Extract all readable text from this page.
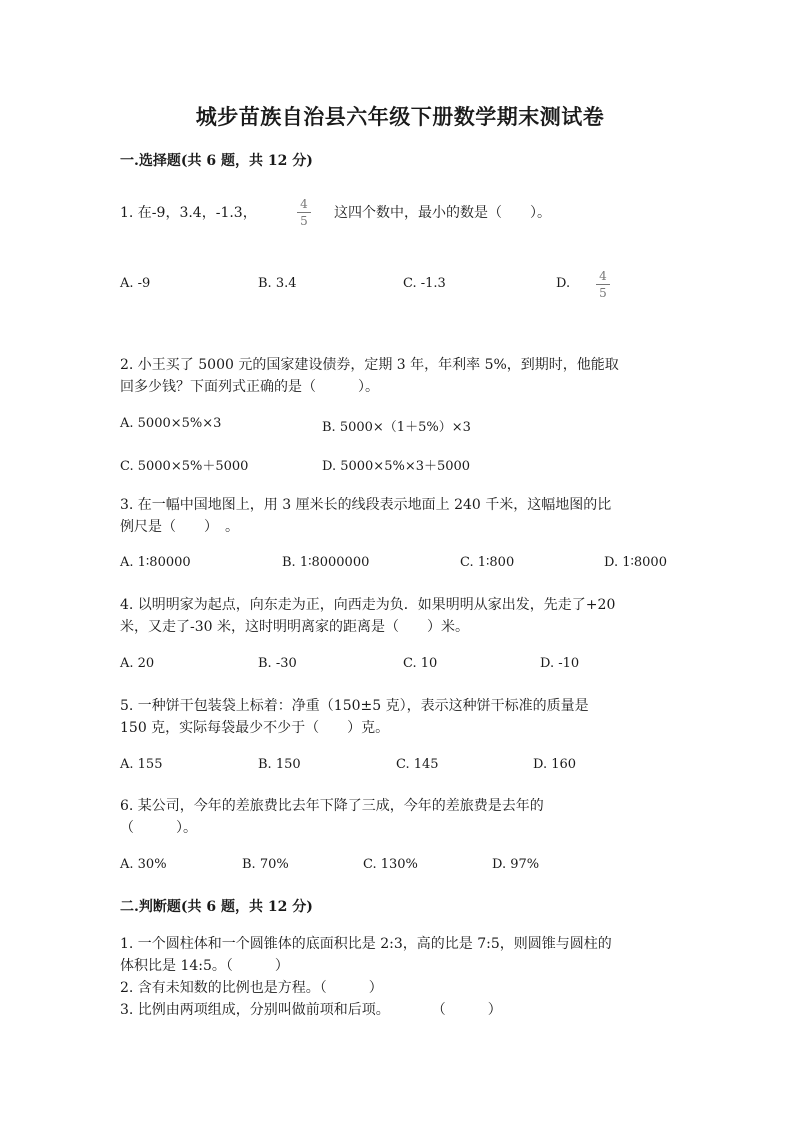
城步苗族自治县六年级下册数学期末测试卷
一.选择题(共 6 题，共 12 分)
1. 在-9，3.4，-1.3，
4
5 这四个数中，最小的数是（　　）。
A. -9	B. 3.4	C. -1.3	D.	4
5
2. 小王买了 5000 元的国家建设债券，定期 3 年，年利率 5%，到期时，他能取
回多少钱？下面列式正确的是（　　　）。
A. 5000×5%×3	B. 5000×（1＋5%）×3
C. 5000×5%＋5000	D. 5000×5%×3＋5000
3. 在一幅中国地图上，用 3 厘米长的线段表示地面上 240 千米，这幅地图的比
例尺是（　　）　。
A. 1∶80000	B. 1∶8000000	C. 1∶800	D. 1∶8000
4. 以明明家为起点，向东走为正，向西走为负．如果明明从家出发，先走了+20
米，又走了-30 米，这时明明离家的距离是（　　）米。
A. 20	B. -30	C. 10	D. -10
5. 一种饼干包装袋上标着：净重（150±5 克），表示这种饼干标准的质量是
150 克，实际每袋最少不少于（　　）克。
A. 155	B. 150	C. 145	D. 160
6. 某公司，今年的差旅费比去年下降了三成，今年的差旅费是去年的
（　　　）。
A. 30%	B. 70%	C. 130%	D. 97%
二.判断题(共 6 题，共 12 分)
1. 一个圆柱体和一个圆锥体的底面积比是 2:3，高的比是 7:5，则圆锥与圆柱的
体积比是 14:5。（　　　）
2. 含有未知数的比例也是方程。（　　　）
3. 比例由两项组成，分别叫做前项和后项。　　　　（　　　）
